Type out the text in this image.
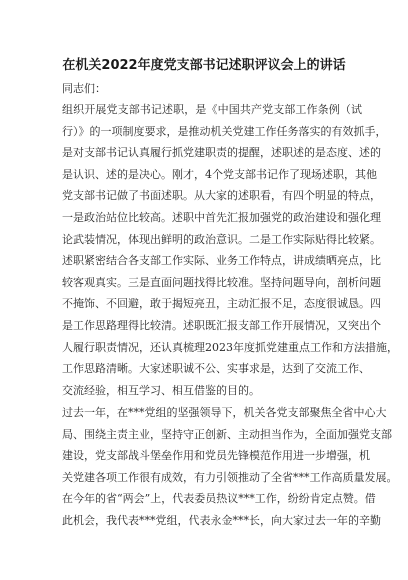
在机关2022年度党支部书记述职评议会上的讲话
同志们：
组织开展党支部书记述职，是《中国共产党支部工作条例（试
行）》的一项制度要求，是推动机关党建工作任务落实的有效抓手，
是对支部书记认真履行抓党建职责的提醒，述职述的是态度、述的
是认识、述的是决心。刚才，4个党支部书记作了现场述职，其他
党支部书记做了书面述职。从大家的述职看，有四个明显的特点，
一是政治站位比较高。述职中首先汇报加强党的政治建设和强化理
论武装情况，体现出鲜明的政治意识。二是工作实际贴得比较紧。
述职紧密结合各支部工作实际、业务工作特点，讲成绩晒亮点，比
较客观真实。三是直面问题找得比较准。坚持问题导向，剖析问题
不掩饰、不回避，敢于揭短亮丑，主动汇报不足，态度很诚恳。四
是工作思路理得比较清。述职既汇报支部工作开展情况，又突出个
人履行职责情况，还认真梳理2023年度抓党建重点工作和方法措施，
工作思路清晰。大家述职诚不公、实事求是，达到了交流工作、
交流经验，相互学习、相互借鉴的目的。
过去一年，在***党组的坚强领导下，机关各党支部聚焦全省中心大
局、围绕主责主业，坚持守正创新、主动担当作为，全面加强党支部
建设，党支部战斗堡垒作用和党员先锋模范作用进一步增强，机
关党建各项工作很有成效，有力引领推动了全省***工作高质量发展。
在今年的省“两会”上，代表委员热议***工作，纷纷肯定点赞。借
此机会，我代表***党组，代表永金***长，向大家过去一年的辛勤
